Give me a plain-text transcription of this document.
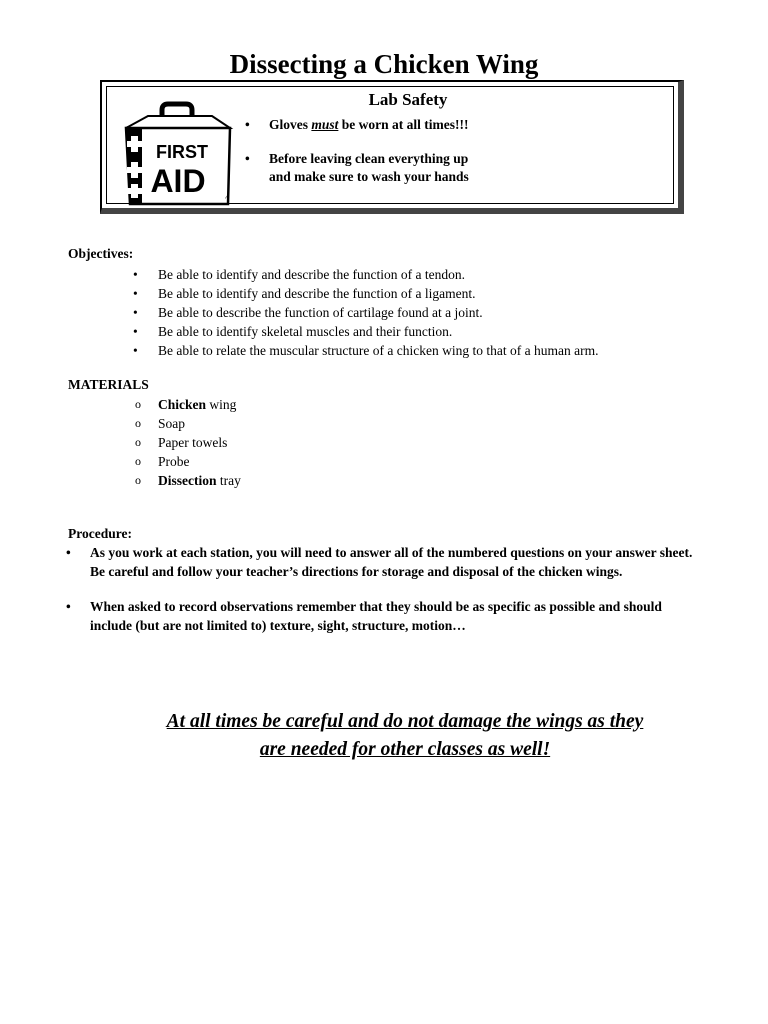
Dissecting a Chicken Wing
FIRST
AID	~
Lab Safety
• Gloves must be worn at all times!!!
• Before leaving clean everything up
and make sure to wash your hands
Objectives:
• Be able to identify and describe the function of a tendon.
• Be able to identify and describe the function of a ligament.
• Be able to describe the function of cartilage found at a joint.
• Be able to identify skeletal muscles and their function.
• Be able to relate the muscular structure of a chicken wing to that of a human arm.
MATERIALS
o Chicken wing
o Soap
o Paper towels
o Probe
o Dissection tray
Procedure:
• As you work at each station, you will need to answer all of the numbered questions on your answer sheet. Be careful and follow your teacher’s directions for storage and disposal of the chicken wings.
• When asked to record observations remember that they should be as specific as possible and should include (but are not limited to) texture, sight, structure, motion…
At all times be careful and do not damage the wings as they
are needed for other classes as well!
